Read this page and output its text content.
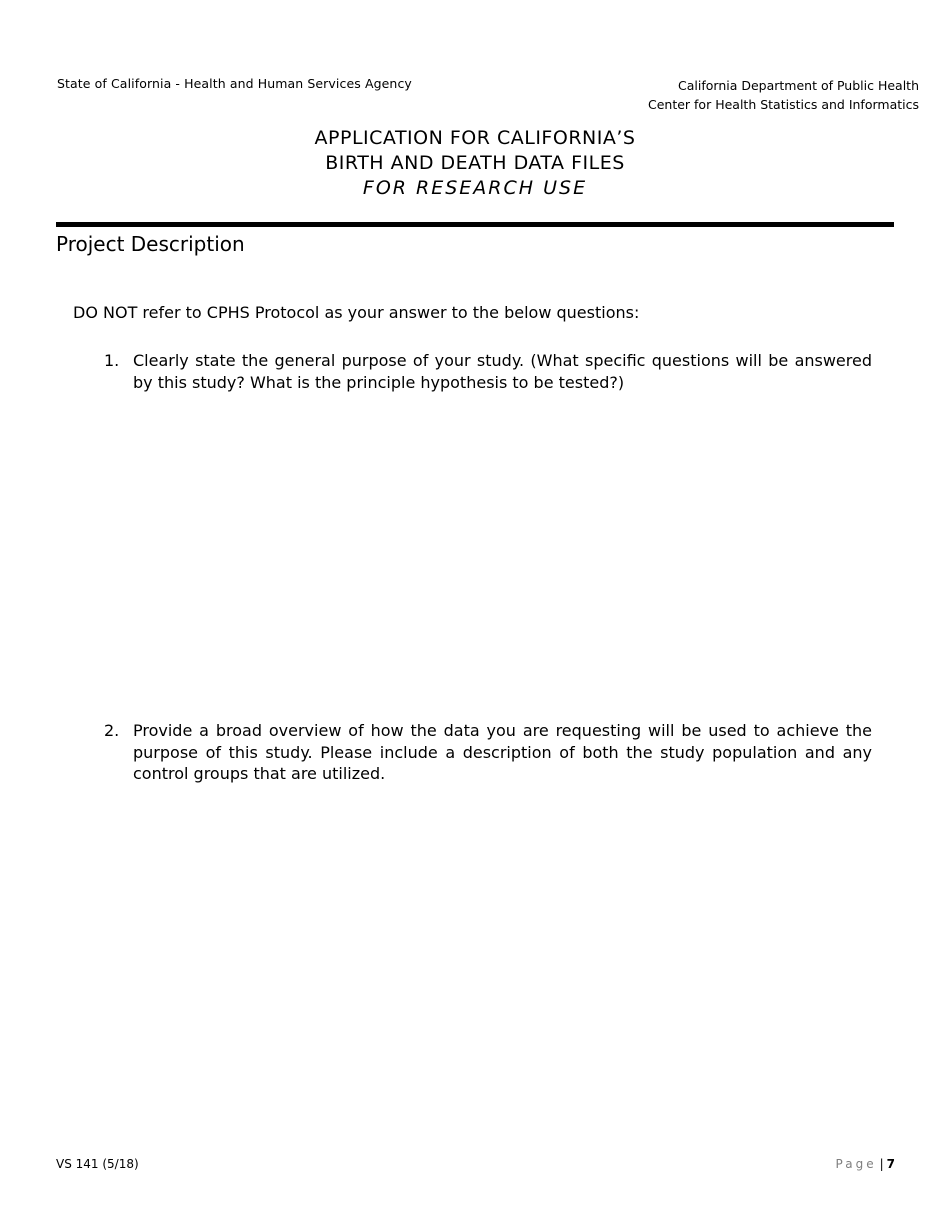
State of California - Health and Human Services Agency	California Department of Public Health
Center for Health Statistics and Informatics
APPLICATION FOR CALIFORNIA’S
BIRTH AND DEATH DATA FILES
FOR RESEARCH USE
Project Description
DO NOT refer to CPHS Protocol as your answer to the below questions:
1. Clearly state the general purpose of your study. (What specific questions will be answered by this study? What is the principle hypothesis to be tested?)
2. Provide a broad overview of how the data you are requesting will be used to achieve the purpose of this study. Please include a description of both the study population and any control groups that are utilized.
VS 141 (5/18)	Page | 7
